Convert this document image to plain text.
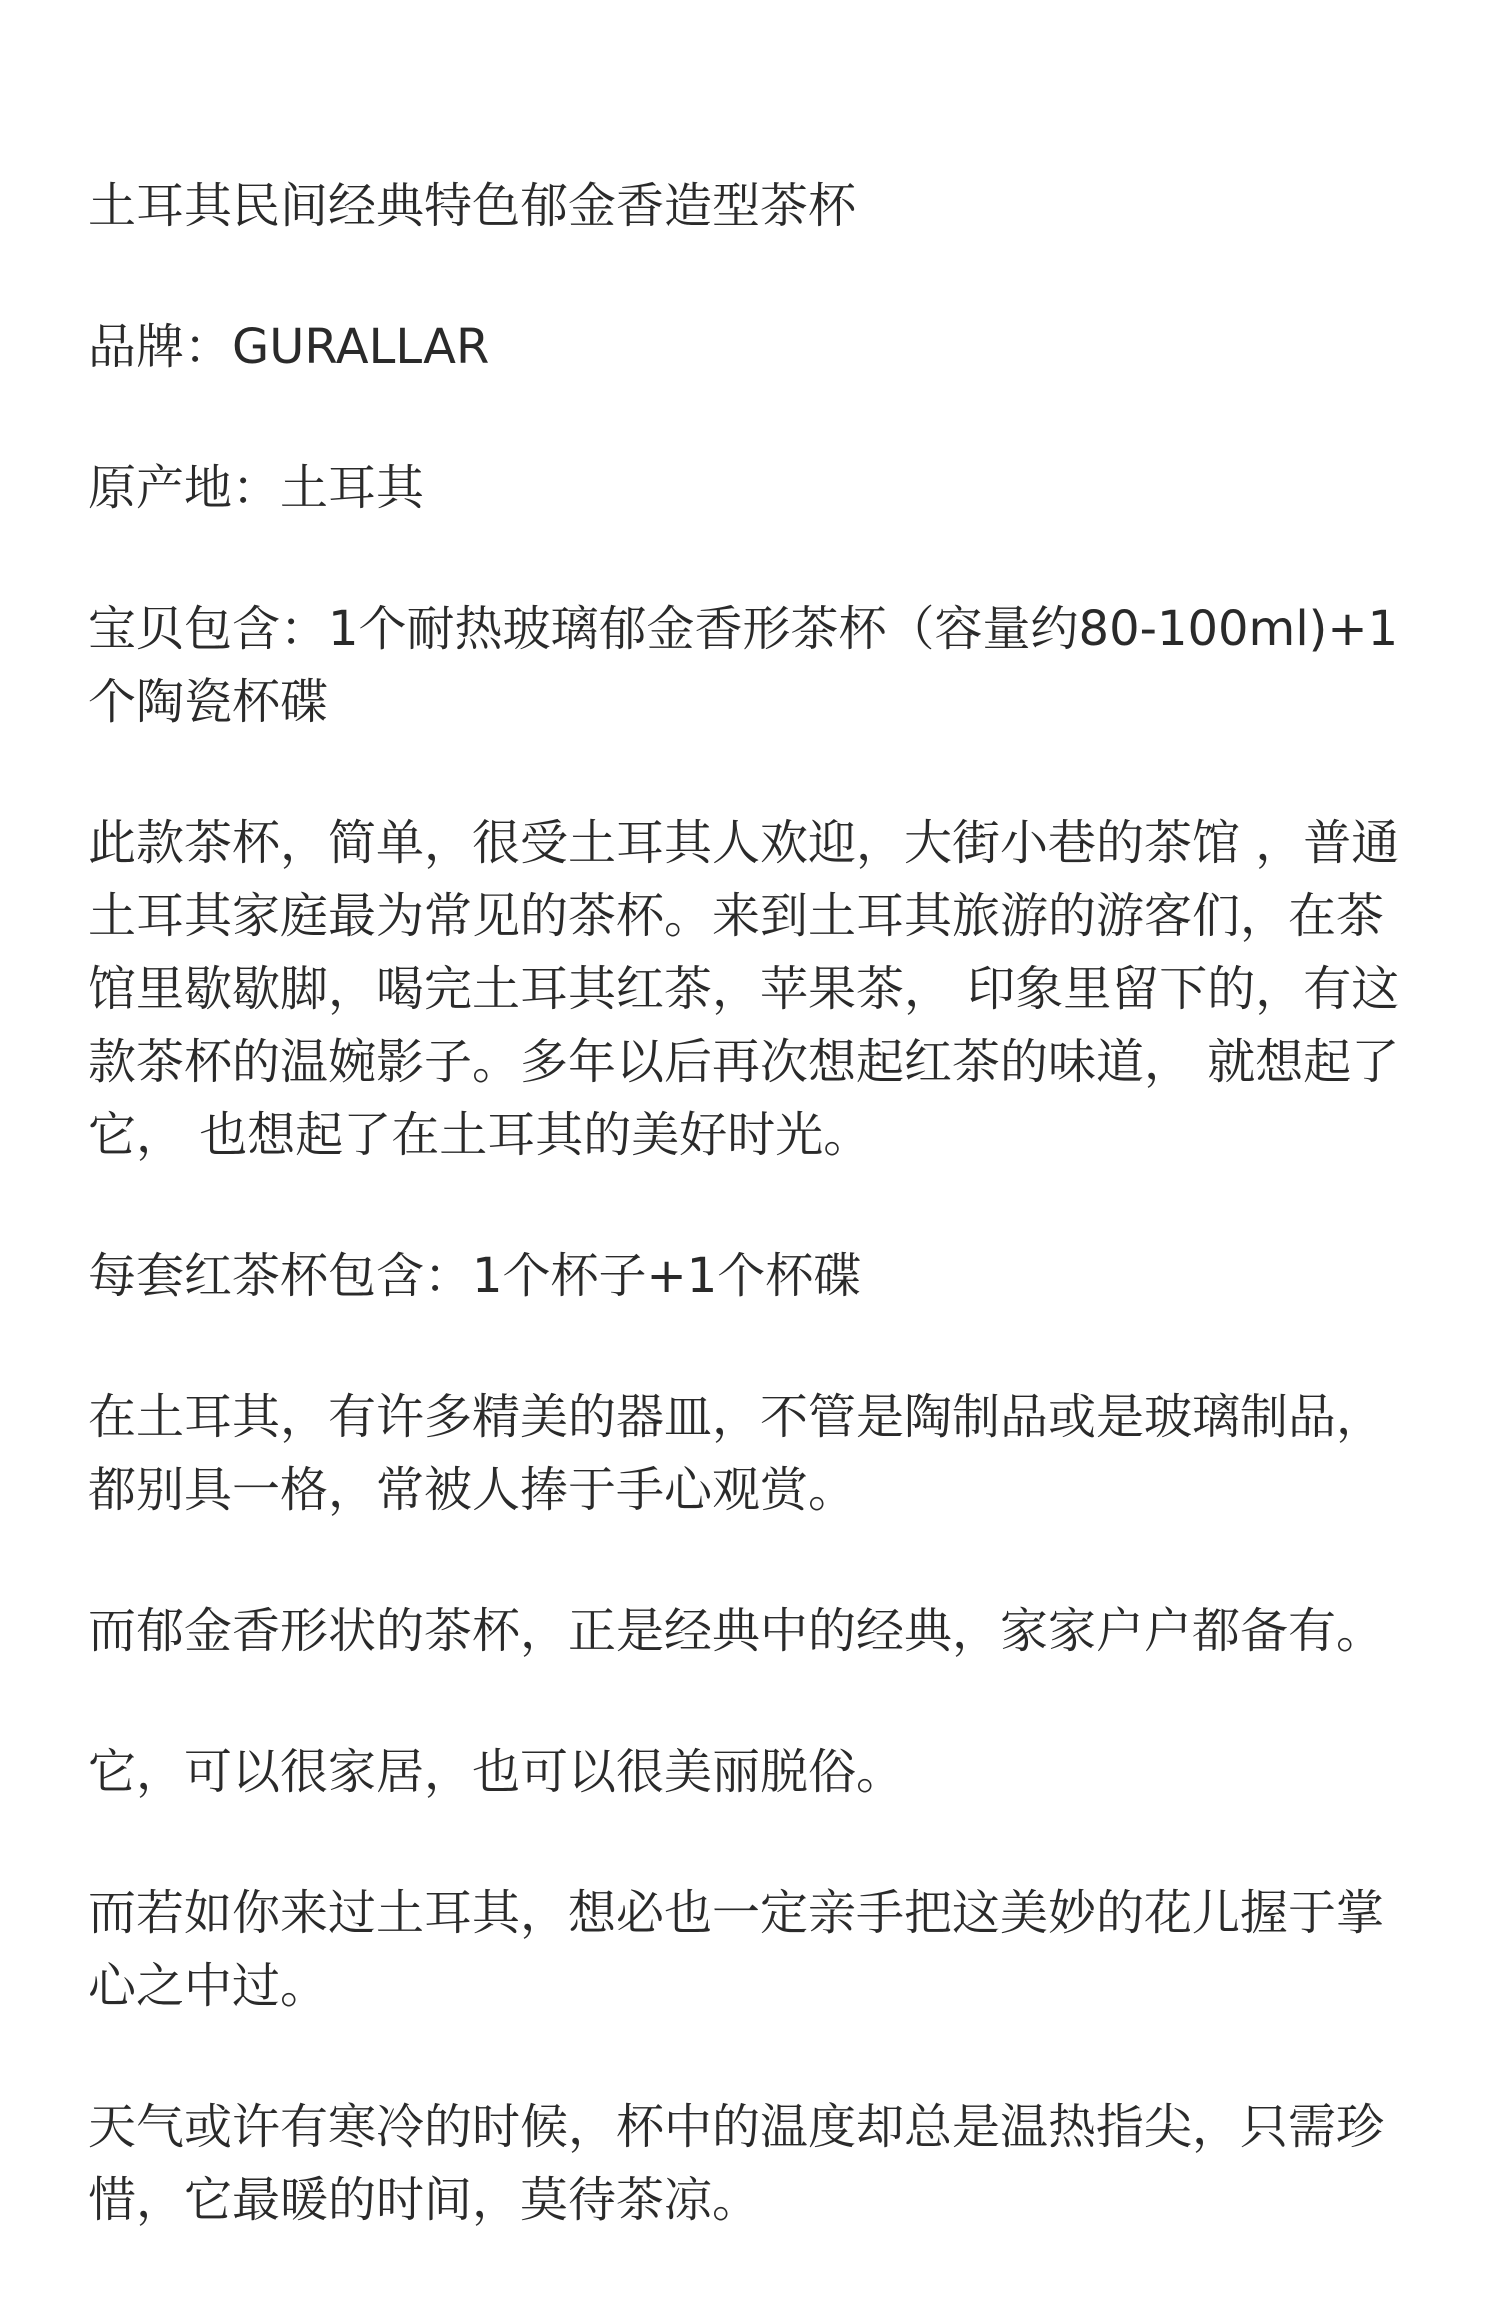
土耳其民间经典特色郁金香造型茶杯

品牌：GURALLAR

原产地：土耳其

宝贝包含：1个耐热玻璃郁金香形茶杯（容量约80-100ml)+1个陶瓷杯碟

此款茶杯，简单，很受土耳其人欢迎，大街小巷的茶馆 ，普通土耳其家庭最为常见的茶杯。来到土耳其旅游的游客们，在茶馆里歇歇脚，喝完土耳其红茶，苹果茶， 印象里留下的，有这款茶杯的温婉影子。多年以后再次想起红茶的味道， 就想起了它， 也想起了在土耳其的美好时光。

每套红茶杯包含：1个杯子+1个杯碟

在土耳其，有许多精美的器皿，不管是陶制品或是玻璃制品，都别具一格，常被人捧于手心观赏。

而郁金香形状的茶杯，正是经典中的经典，家家户户都备有。

它，可以很家居，也可以很美丽脱俗。

而若如你来过土耳其，想必也一定亲手把这美妙的花儿握于掌心之中过。

天气或许有寒冷的时候，杯中的温度却总是温热指尖，只需珍惜，它最暖的时间，莫待茶凉。
